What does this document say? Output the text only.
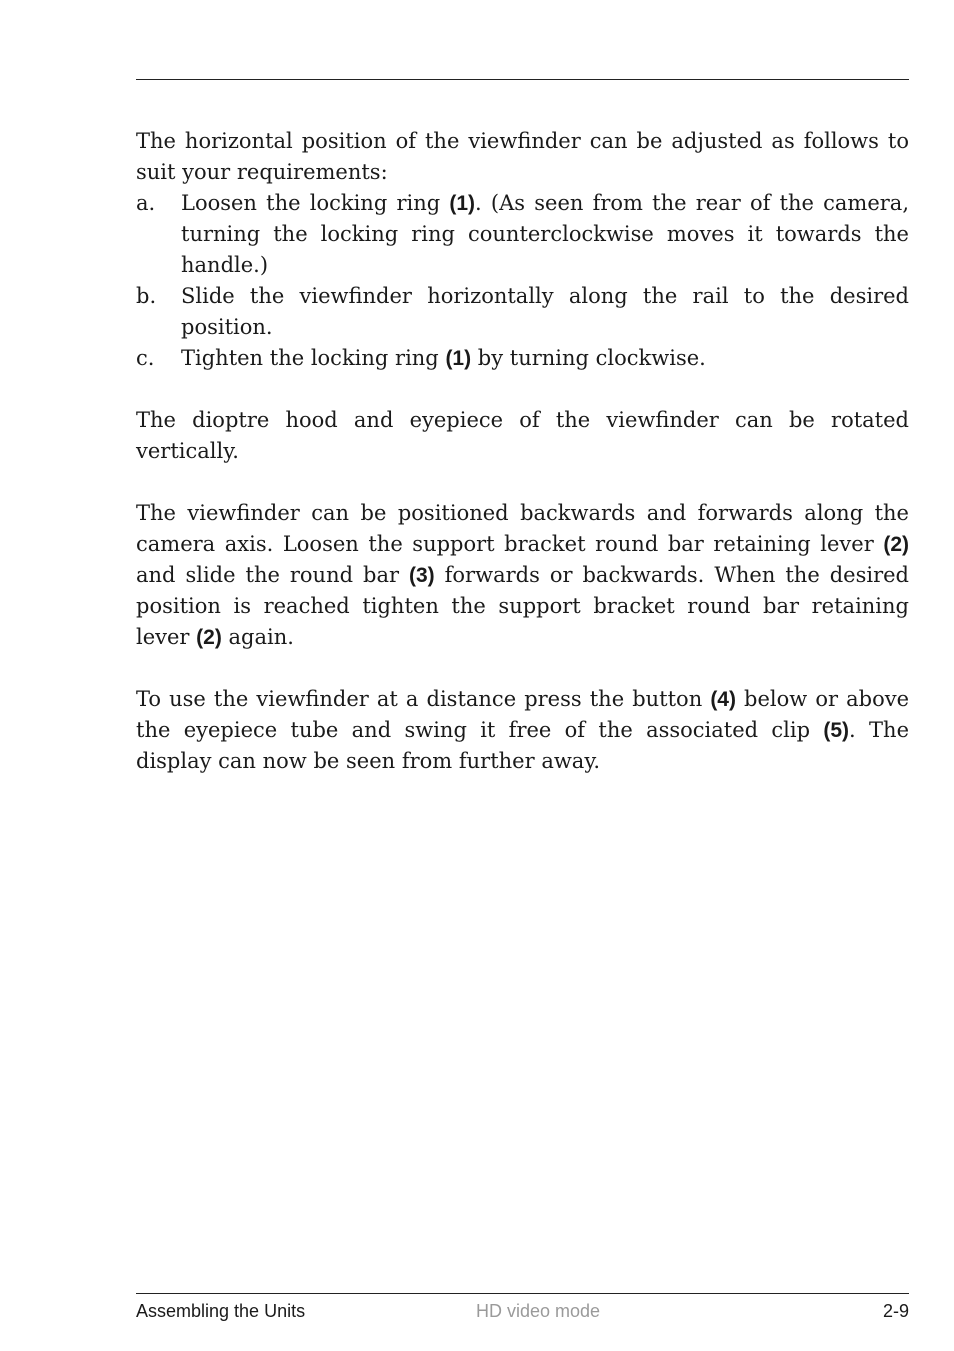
The horizontal position of the viewfinder can be adjusted as follows to suit your requirements:

a. Loosen the locking ring (1). (As seen from the rear of the camera, turning the locking ring counterclockwise moves it towards the handle.)
b. Slide the viewfinder horizontally along the rail to the desired position.
c. Tighten the locking ring (1) by turning clockwise.

The dioptre hood and eyepiece of the viewfinder can be rotated vertically.

The viewfinder can be positioned backwards and forwards along the camera axis. Loosen the support bracket round bar retaining lever (2) and slide the round bar (3) forwards or backwards. When the desired position is reached tighten the support bracket round bar retaining lever (2) again.

To use the viewfinder at a distance press the button (4) below or above the eyepiece tube and swing it free of the associated clip (5). The display can now be seen from further away.

Assembling the Units	HD video mode	2-9
